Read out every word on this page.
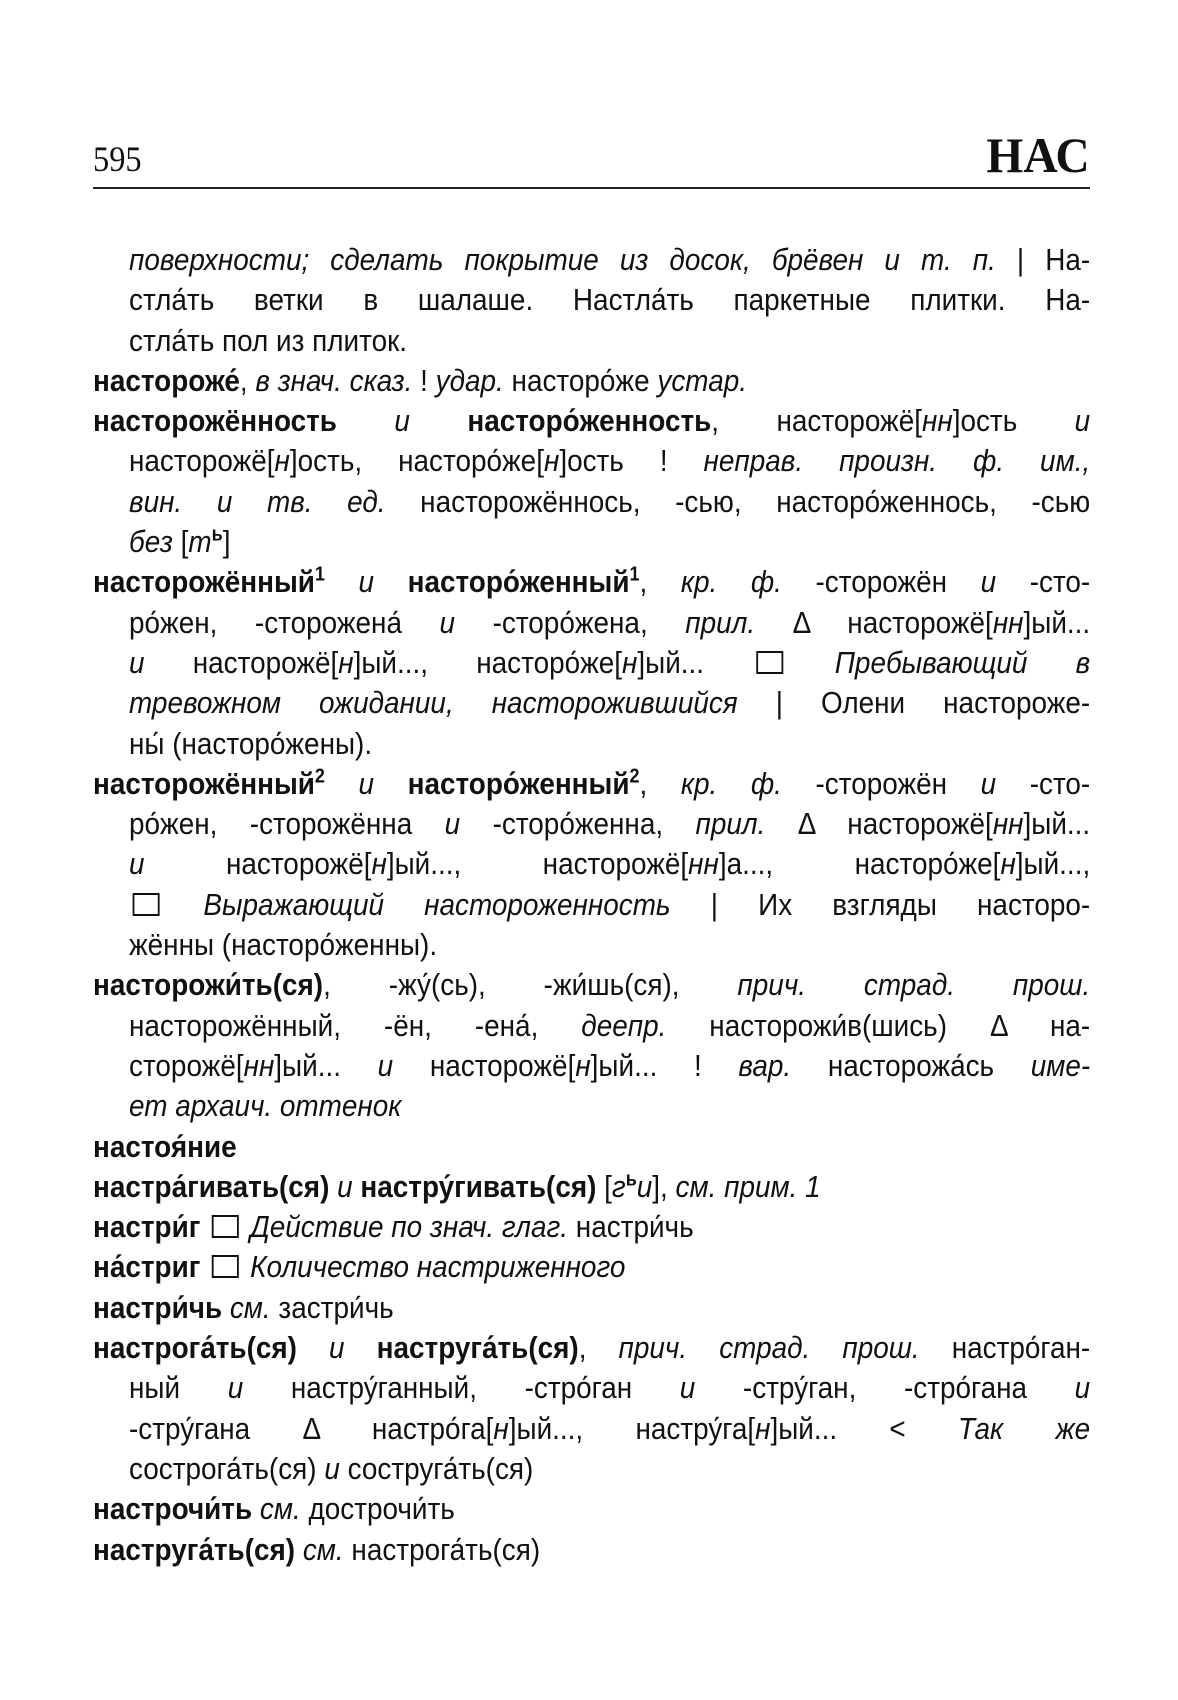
595	НАС
поверхности; сделать покрытие из досок, брёвен и т. п. | На-
стла́ть ветки в шалаше. Настла́ть паркетные плитки. На-
стла́ть пол из плиток.
настороже́, в знач. сказ. ! удар. насторо́же устар.
насторожённость и насторо́женность, насторожё[нн]ость и
насторожё[н]ость, насторо́же[н]ость ! неправ. произн. ф. им.,
вин. и тв. ед. насторожённось, -сью, насторо́женнось, -сью
без $[т^ь]$
насторожённый$^1$ и насторо́женный$^1$, кр. ф. -сторожён и -сто-
ро́жен, -сторожена́ и -сторо́жена, прил. Δ насторожё[нн]ый...
и насторожё[н]ый..., насторо́же[н]ый...  Пребывающий в
тревожном ожидании, насторожившийся | Олени настороже-
ны́ (насторо́жены).
насторожённый$^2$ и насторо́женный$^2$, кр. ф. -сторожён и -сто-
ро́жен, -сторожённа и -сторо́женна, прил. Δ насторожё[нн]ый...
и насторожё[н]ый..., насторожё[нн]а..., насторо́же[н]ый...,
Выражающий настороженность | Их взгляды насторо-
жённы (насторо́женны).
насторожи́ть(ся), -жу́(сь), -жи́шь(ся), прич. страд. прош.
насторожённый, -ён, -ена́, деепр. насторожи́в(шись) Δ на-
сторожё[нн]ый... и насторожё[н]ый... ! вар. насторожа́сь име-
ет архаич. оттенок
настоя́ние
настра́гивать(ся) и настру́гивать(ся) $[г^ьи]$, см. прим. 1
настри́г  Действие по знач. глаг. настри́чь
на́стриг  Количество настриженного
настри́чь см. застри́чь
настрога́ть(ся) и наструга́ть(ся), прич. страд. прош. настро́ган-
ный и настру́ганный, -стро́ган и -стру́ган, -стро́гана и
-стру́гана Δ настро́га[н]ый..., настру́га[н]ый... < Так же
сострога́ть(ся) и соструга́ть(ся)
настрочи́ть см. дострочи́ть
наструга́ть(ся) см. настрога́ть(ся)
